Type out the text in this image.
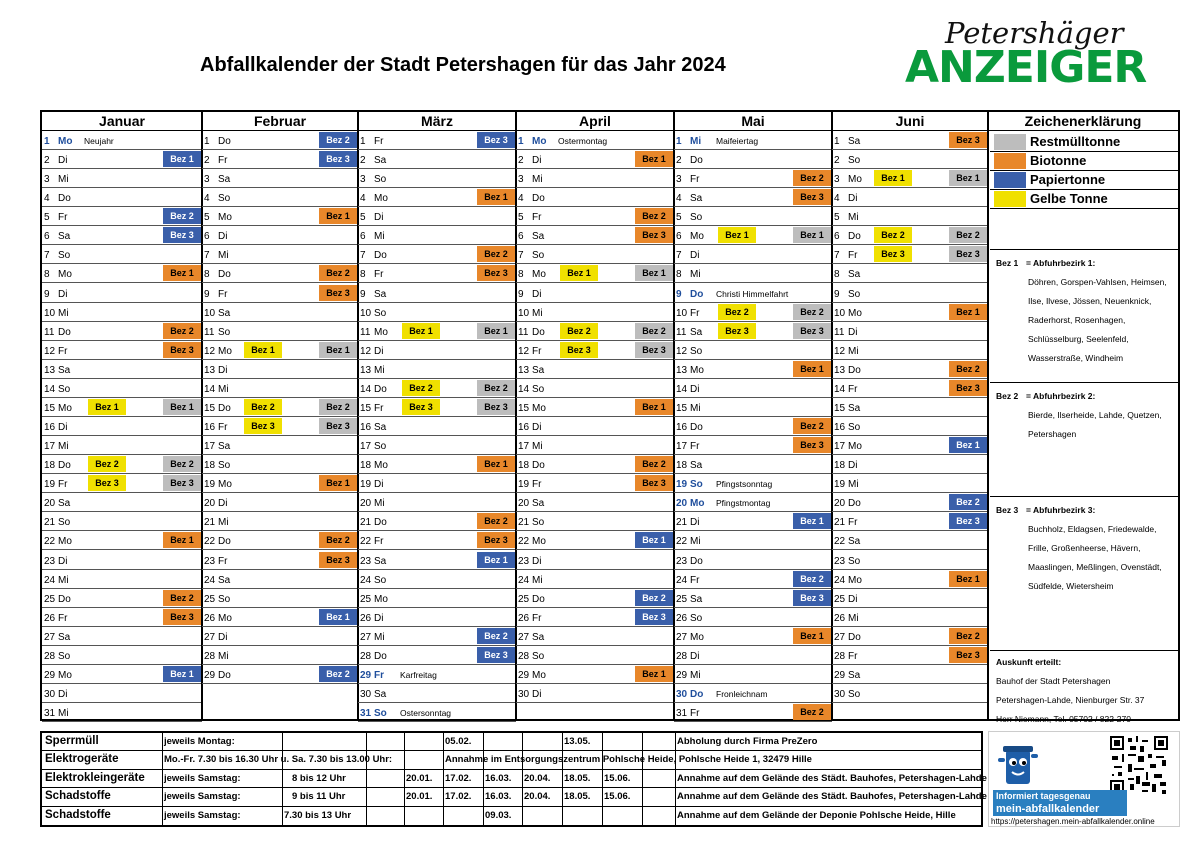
Abfallkalender der Stadt Petershagen für das Jahr 2024
Petershäger
ANZEIGER
Januar
1 Mo Neujahr
2 Di	Bez 1
3 Mi
4 Do
5 Fr	Bez 2
6 Sa	Bez 3
7 So
8 Mo	Bez 1
9 Di
10 Mi
11 Do	Bez 2
12 Fr	Bez 3
13 Sa
14 So
15 Mo	Bez 1	Bez 1
16 Di
17 Mi
18 Do	Bez 2	Bez 2
19 Fr	Bez 3	Bez 3
20 Sa
21 So
22 Mo	Bez 1
23 Di
24 Mi
25 Do	Bez 2
26 Fr	Bez 3
27 Sa
28 So
29 Mo	Bez 1
30 Di
31 Mi
Februar
1 Do	Bez 2
2 Fr	Bez 3
3 Sa
4 So
5 Mo	Bez 1
6 Di
7 Mi
8 Do	Bez 2
9 Fr	Bez 3
10 Sa
11 So
12 Mo	Bez 1	Bez 1
13 Di
14 Mi
15 Do	Bez 2	Bez 2
16 Fr	Bez 3	Bez 3
17 Sa
18 So
19 Mo	Bez 1
20 Di
21 Mi
22 Do	Bez 2
23 Fr	Bez 3
24 Sa
25 So
26 Mo	Bez 1
27 Di
28 Mi
29 Do	Bez 2
März
1 Fr	Bez 3
2 Sa
3 So
4 Mo	Bez 1
5 Di
6 Mi
7 Do	Bez 2
8 Fr	Bez 3
9 Sa
10 So
11 Mo	Bez 1	Bez 1
12 Di
13 Mi
14 Do	Bez 2	Bez 2
15 Fr	Bez 3	Bez 3
16 Sa
17 So
18 Mo	Bez 1
19 Di
20 Mi
21 Do	Bez 2
22 Fr	Bez 3
23 Sa	Bez 1
24 So
25 Mo
26 Di
27 Mi	Bez 2
28 Do	Bez 3
29 Fr Karfreitag
30 Sa
31 So Ostersonntag
April
1 Mo Ostermontag
2 Di	Bez 1
3 Mi
4 Do
5 Fr	Bez 2
6 Sa	Bez 3
7 So
8 Mo	Bez 1	Bez 1
9 Di
10 Mi
11 Do	Bez 2	Bez 2
12 Fr	Bez 3	Bez 3
13 Sa
14 So
15 Mo	Bez 1
16 Di
17 Mi
18 Do	Bez 2
19 Fr	Bez 3
20 Sa
21 So
22 Mo	Bez 1
23 Di
24 Mi
25 Do	Bez 2
26 Fr	Bez 3
27 Sa
28 So
29 Mo	Bez 1
30 Di
Mai
1 Mi Maifeiertag
2 Do
3 Fr	Bez 2
4 Sa	Bez 3
5 So
6 Mo	Bez 1	Bez 1
7 Di
8 Mi
9 Do Christi Himmelfahrt
10 Fr	Bez 2	Bez 2
11 Sa	Bez 3	Bez 3
12 So
13 Mo	Bez 1
14 Di
15 Mi
16 Do	Bez 2
17 Fr	Bez 3
18 Sa
19 So Pfingstsonntag
20 Mo Pfingstmontag
21 Di	Bez 1
22 Mi
23 Do
24 Fr	Bez 2
25 Sa	Bez 3
26 So
27 Mo	Bez 1
28 Di
29 Mi
30 Do Fronleichnam
31 Fr	Bez 2
Juni
1 Sa	Bez 3
2 So
3 Mo	Bez 1	Bez 1
4 Di
5 Mi
6 Do	Bez 2	Bez 2
7 Fr	Bez 3	Bez 3
8 Sa
9 So
10 Mo	Bez 1
11 Di
12 Mi
13 Do	Bez 2
14 Fr	Bez 3
15 Sa
16 So
17 Mo	Bez 1
18 Di
19 Mi
20 Do	Bez 2
21 Fr	Bez 3
22 Sa
23 So
24 Mo	Bez 1
25 Di
26 Mi
27 Do	Bez 2
28 Fr	Bez 3
29 Sa
30 So
Zeichenerklärung
Restmülltonne
Biotonne
Papiertonne
Gelbe Tonne
Bez 1 = Abfuhrbezirk 1:
Döhren, Gorspen-Vahlsen, Heimsen,
Ilse, Ilvese, Jössen, Neuenknick,
Raderhorst, Rosenhagen,
Schlüsselburg, Seelenfeld,
Wasserstraße, Windheim
Bez 2 = Abfuhrbezirk 2:
Bierde, Ilserheide, Lahde, Quetzen,
Petershagen
Bez 3 = Abfuhrbezirk 3:
Buchholz, Eldagsen, Friedewalde,
Frille, Großenheerse, Hävern,
Maaslingen, Meßlingen, Ovenstädt,
Südfelde, Wietersheim
Auskunft erteilt:
Bauhof der Stadt Petershagen
Petershagen-Lahde, Nienburger Str. 37
Herr Niemann, Tel. 05702 / 822-270
Sperrmüll	jeweils Montag:	05.02.	13.05.	Abholung durch Firma PreZero
Elektrogeräte	Mo.-Fr. 7.30 bis 16.30 Uhr u. Sa. 7.30 bis 13.00 Uhr:	Annahme im Entsorgungszentrum Pohlsche Heide, Pohlsche Heide 1, 32479 Hille
Elektrokleingeräte jeweils Samstag:	8 bis 12 Uhr	20.01. 17.02. 16.03. 20.04. 18.05. 15.06.	Annahme auf dem Gelände des Städt. Bauhofes, Petershagen-Lahde
Schadstoffe	jeweils Samstag:	9 bis 11 Uhr	20.01. 17.02. 16.03. 20.04. 18.05. 15.06.	Annahme auf dem Gelände des Städt. Bauhofes, Petershagen-Lahde
Schadstoffe	jeweils Samstag:	7.30 bis 13 Uhr	09.03.	Annahme auf dem Gelände der Deponie Pohlsche Heide, Hille
Informiert tagesgenau
mein-abfallkalender
https://petershagen.mein-abfallkalender.online
